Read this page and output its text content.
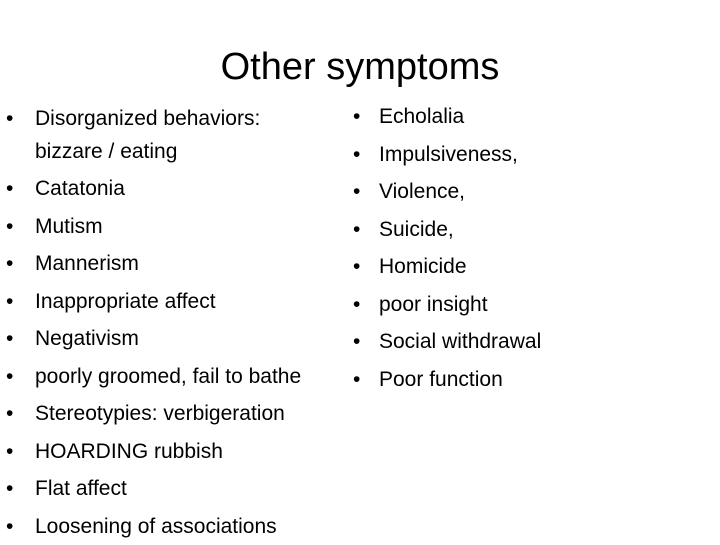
Other symptoms
•	Disorganized behaviors:
bizzare / eating
•	Catatonia
•	Mutism
•	Mannerism
•	Inappropriate affect
•	Negativism
•	poorly groomed, fail to bathe
•	Stereotypies: verbigeration
•	HOARDING rubbish
•	Flat affect
•	Loosening of associations
• Echolalia
• Impulsiveness,
• Violence,
• Suicide,
• Homicide
• poor insight
• Social withdrawal
• Poor function
